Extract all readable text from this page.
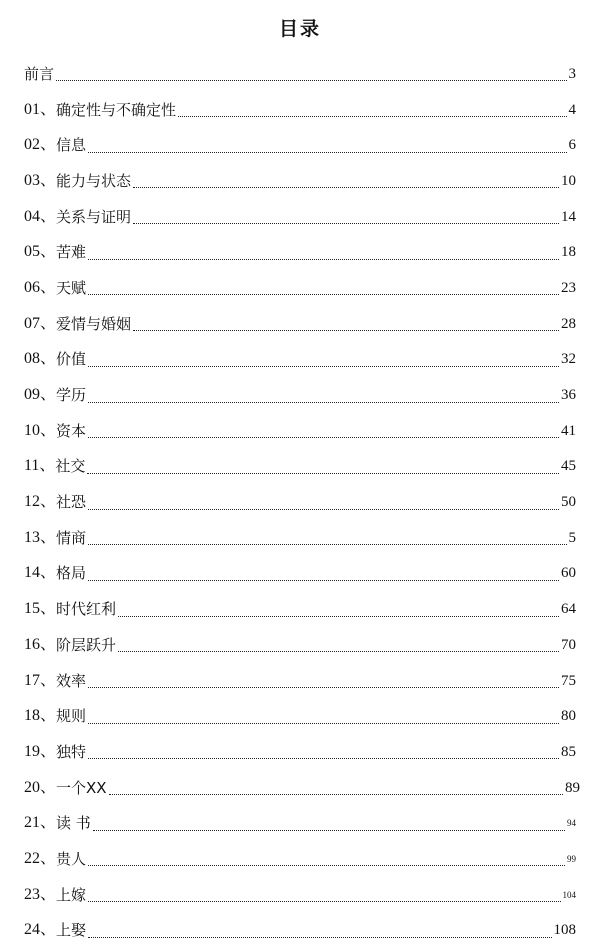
目录
前言	3
01、 确定性与不确定性	4
02、 信息	6
03、 能力与状态	10
04、 关系与证明	14
05、 苦难	18
06、 天赋	23
07、 爱情与婚姻	28
08、 价值	32
09、 学历	36
10、 资本	41
11、 社交	45
12、 社恐	50
13、 情商	5
14、 格局	60
15、 时代红利	64
16、 阶层跃升	70
17、 效率	75
18、 规则	80
19、 独特	85
20、 一个XX	89
21、 读 书	94
22、 贵人	99
23、 上嫁	104
24、 上娶	108
